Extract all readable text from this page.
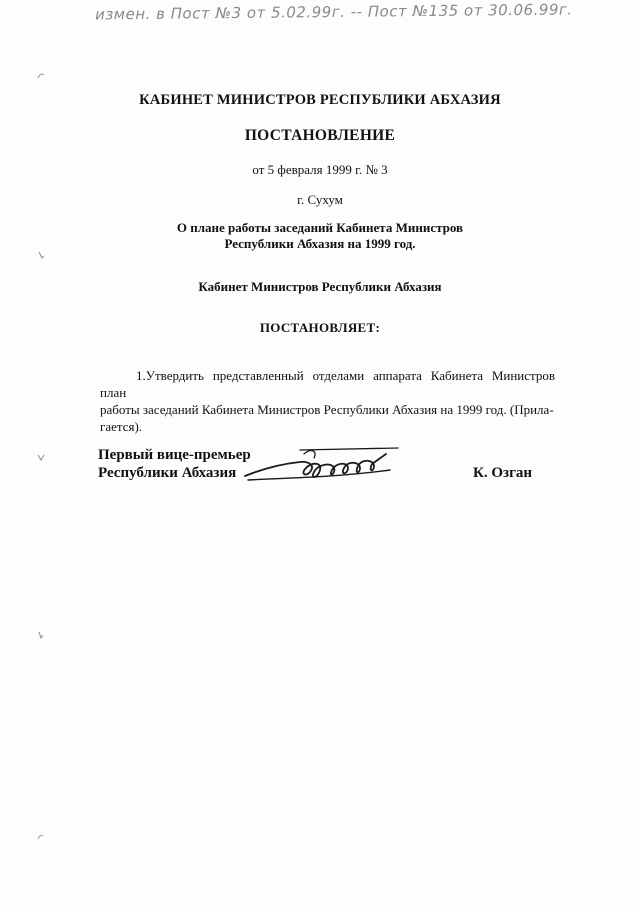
измен. в Пост №3 от 5.02.99г. -- Пост №135 от 30.06.99г.
КАБИНЕТ МИНИСТРОВ РЕСПУБЛИКИ АБХАЗИЯ
ПОСТАНОВЛЕНИЕ
от 5 февраля 1999 г. № 3
г. Сухум
О плане работы заседаний Кабинета Министров
Республики Абхазия на 1999 год.
Кабинет Министров Республики Абхазия
ПОСТАНОВЛЯЕТ:
1.Утвердить представленный отделами аппарата Кабинета Министров план
работы заседаний Кабинета Министров Республики Абхазия на 1999 год. (Прила-
гается).
Первый вице-премьер
Республики Абхазия	К. Озган
